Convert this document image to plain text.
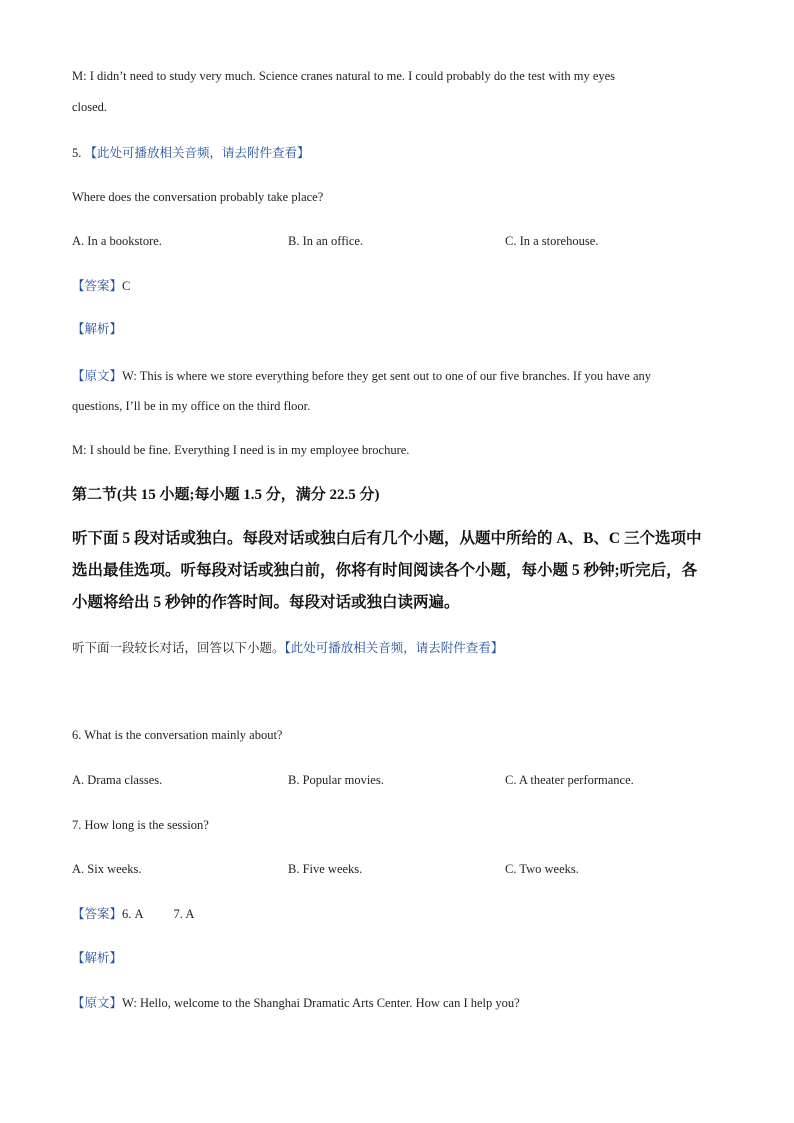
M: I didn’t need to study very much. Science cranes natural to me. I could probably do the test with my eyes
closed.
5. 【此处可播放相关音频，请去附件查看】
Where does the conversation probably take place?
A. In a bookstore.	B. In an office.	C. In a storehouse.
【答案】C
【解析】
【原文】W: This is where we store everything before they get sent out to one of our five branches. If you have any
questions, I’ll be in my office on the third floor.
M: I should be fine. Everything I need is in my employee brochure.
第二节(共 15 小题;每小题 1.5 分，满分 22.5 分)
听下面 5 段对话或独白。每段对话或独白后有几个小题，从题中所给的 A、B、C 三个选项中
选出最佳选项。听每段对话或独白前，你将有时间阅读各个小题，每小题 5 秒钟;听完后，各
小题将给出 5 秒钟的作答时间。每段对话或独白读两遍。
听下面一段较长对话，回答以下小题。【此处可播放相关音频，请去附件查看】
6. What is the conversation mainly about?
A. Drama classes.	B. Popular movies.	C. A theater performance.
7. How long is the session?
A. Six weeks.	B. Five weeks.	C. Two weeks.
【答案】6. A 7. A
【解析】
【原文】W: Hello, welcome to the Shanghai Dramatic Arts Center. How can I help you?
